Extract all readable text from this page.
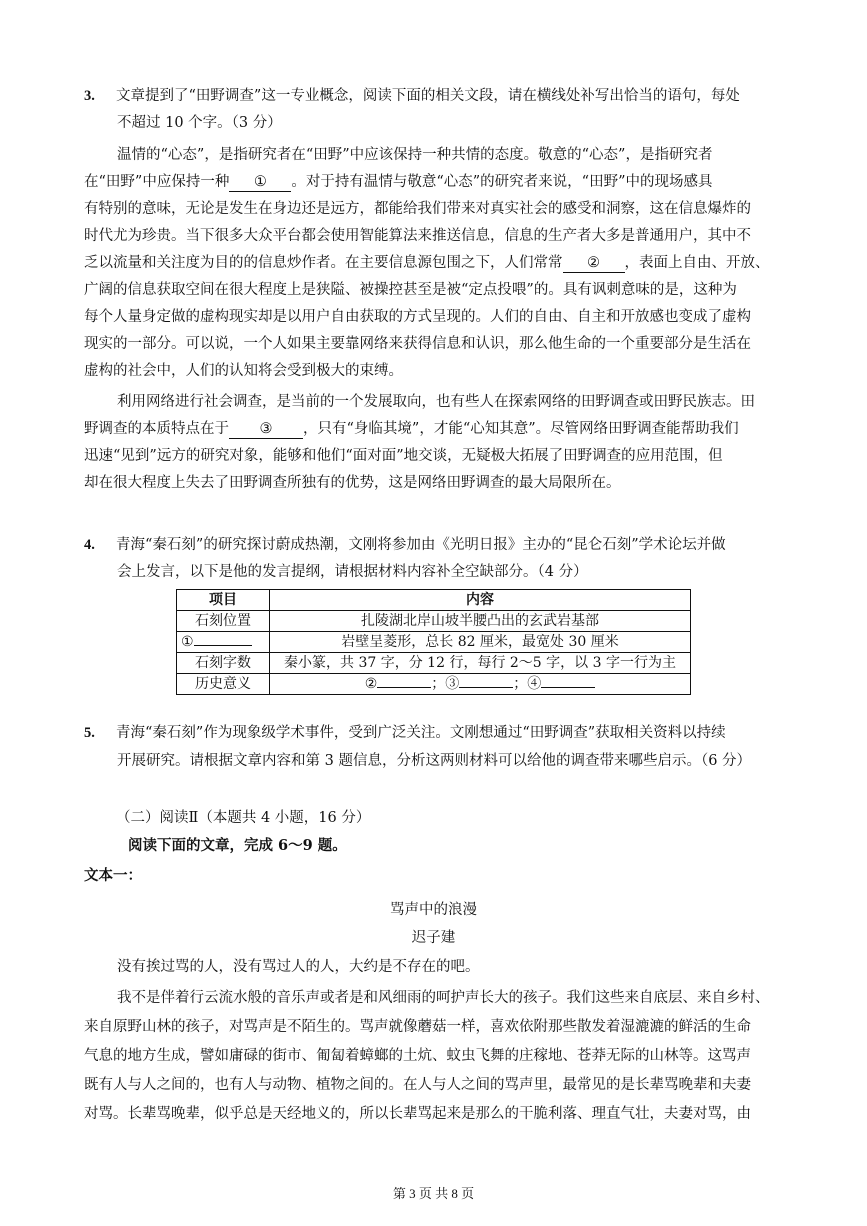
3. 文章提到了“田野调查”这一专业概念，阅读下面的相关文段，请在横线处补写出恰当的语句，每处
不超过 10 个字。（3 分）
温情的“心态”，是指研究者在“田野”中应该保持一种共情的态度。敬意的“心态”，是指研究者
在“田野”中应保持一种 ① 。对于持有温情与敬意“心态”的研究者来说，“田野”中的现场感具
有特别的意味，无论是发生在身边还是远方，都能给我们带来对真实社会的感受和洞察，这在信息爆炸的
时代尤为珍贵。当下很多大众平台都会使用智能算法来推送信息，信息的生产者大多是普通用户，其中不
乏以流量和关注度为目的的信息炒作者。在主要信息源包围之下，人们常常 ② ，表面上自由、开放、
广阔的信息获取空间在很大程度上是狭隘、被操控甚至是被“定点投喂”的。具有讽刺意味的是，这种为
每个人量身定做的虚构现实却是以用户自由获取的方式呈现的。人们的自由、自主和开放感也变成了虚构
现实的一部分。可以说，一个人如果主要靠网络来获得信息和认识，那么他生命的一个重要部分是生活在
虚构的社会中，人们的认知将会受到极大的束缚。
利用网络进行社会调查，是当前的一个发展取向，也有些人在探索网络的田野调查或田野民族志。田
野调查的本质特点在于 ③ ，只有“身临其境”，才能“心知其意”。尽管网络田野调查能帮助我们
迅速“见到”远方的研究对象，能够和他们“面对面”地交谈，无疑极大拓展了田野调查的应用范围，但
却在很大程度上失去了田野调查所独有的优势，这是网络田野调查的最大局限所在。
4. 青海“秦石刻”的研究探讨蔚成热潮，文刚将参加由《光明日报》主办的“昆仑石刻”学术论坛并做
会上发言，以下是他的发言提纲，请根据材料内容补全空缺部分。（4 分）
项目	内容
石刻位置	扎陵湖北岸山坡半腰凸出的玄武岩基部
①	岩壁呈菱形，总长 82 厘米，最宽处 30 厘米
石刻字数	秦小篆，共 37 字，分 12 行，每行 2～5 字，以 3 字一行为主
历史意义	② ；③ ；④
5. 青海“秦石刻”作为现象级学术事件，受到广泛关注。文刚想通过“田野调查”获取相关资料以持续
开展研究。请根据文章内容和第 3 题信息，分析这两则材料可以给他的调查带来哪些启示。（6 分）
（二）阅读Ⅱ（本题共 4 小题，16 分）
阅读下面的文章，完成 6～9 题。
文本一：
骂声中的浪漫
迟子建
没有挨过骂的人，没有骂过人的人，大约是不存在的吧。
我不是伴着行云流水般的音乐声或者是和风细雨的呵护声长大的孩子。我们这些来自底层、来自乡村、
来自原野山林的孩子，对骂声是不陌生的。骂声就像蘑菇一样，喜欢依附那些散发着湿漉漉的鲜活的生命
气息的地方生成，譬如庸碌的街市、匍匐着蟑螂的土炕、蚊虫飞舞的庄稼地、苍莽无际的山林等。这骂声
既有人与人之间的，也有人与动物、植物之间的。在人与人之间的骂声里，最常见的是长辈骂晚辈和夫妻
对骂。长辈骂晚辈，似乎总是天经地义的，所以长辈骂起来是那么的干脆利落、理直气壮，夫妻对骂，由
第 3 页 共 8 页
